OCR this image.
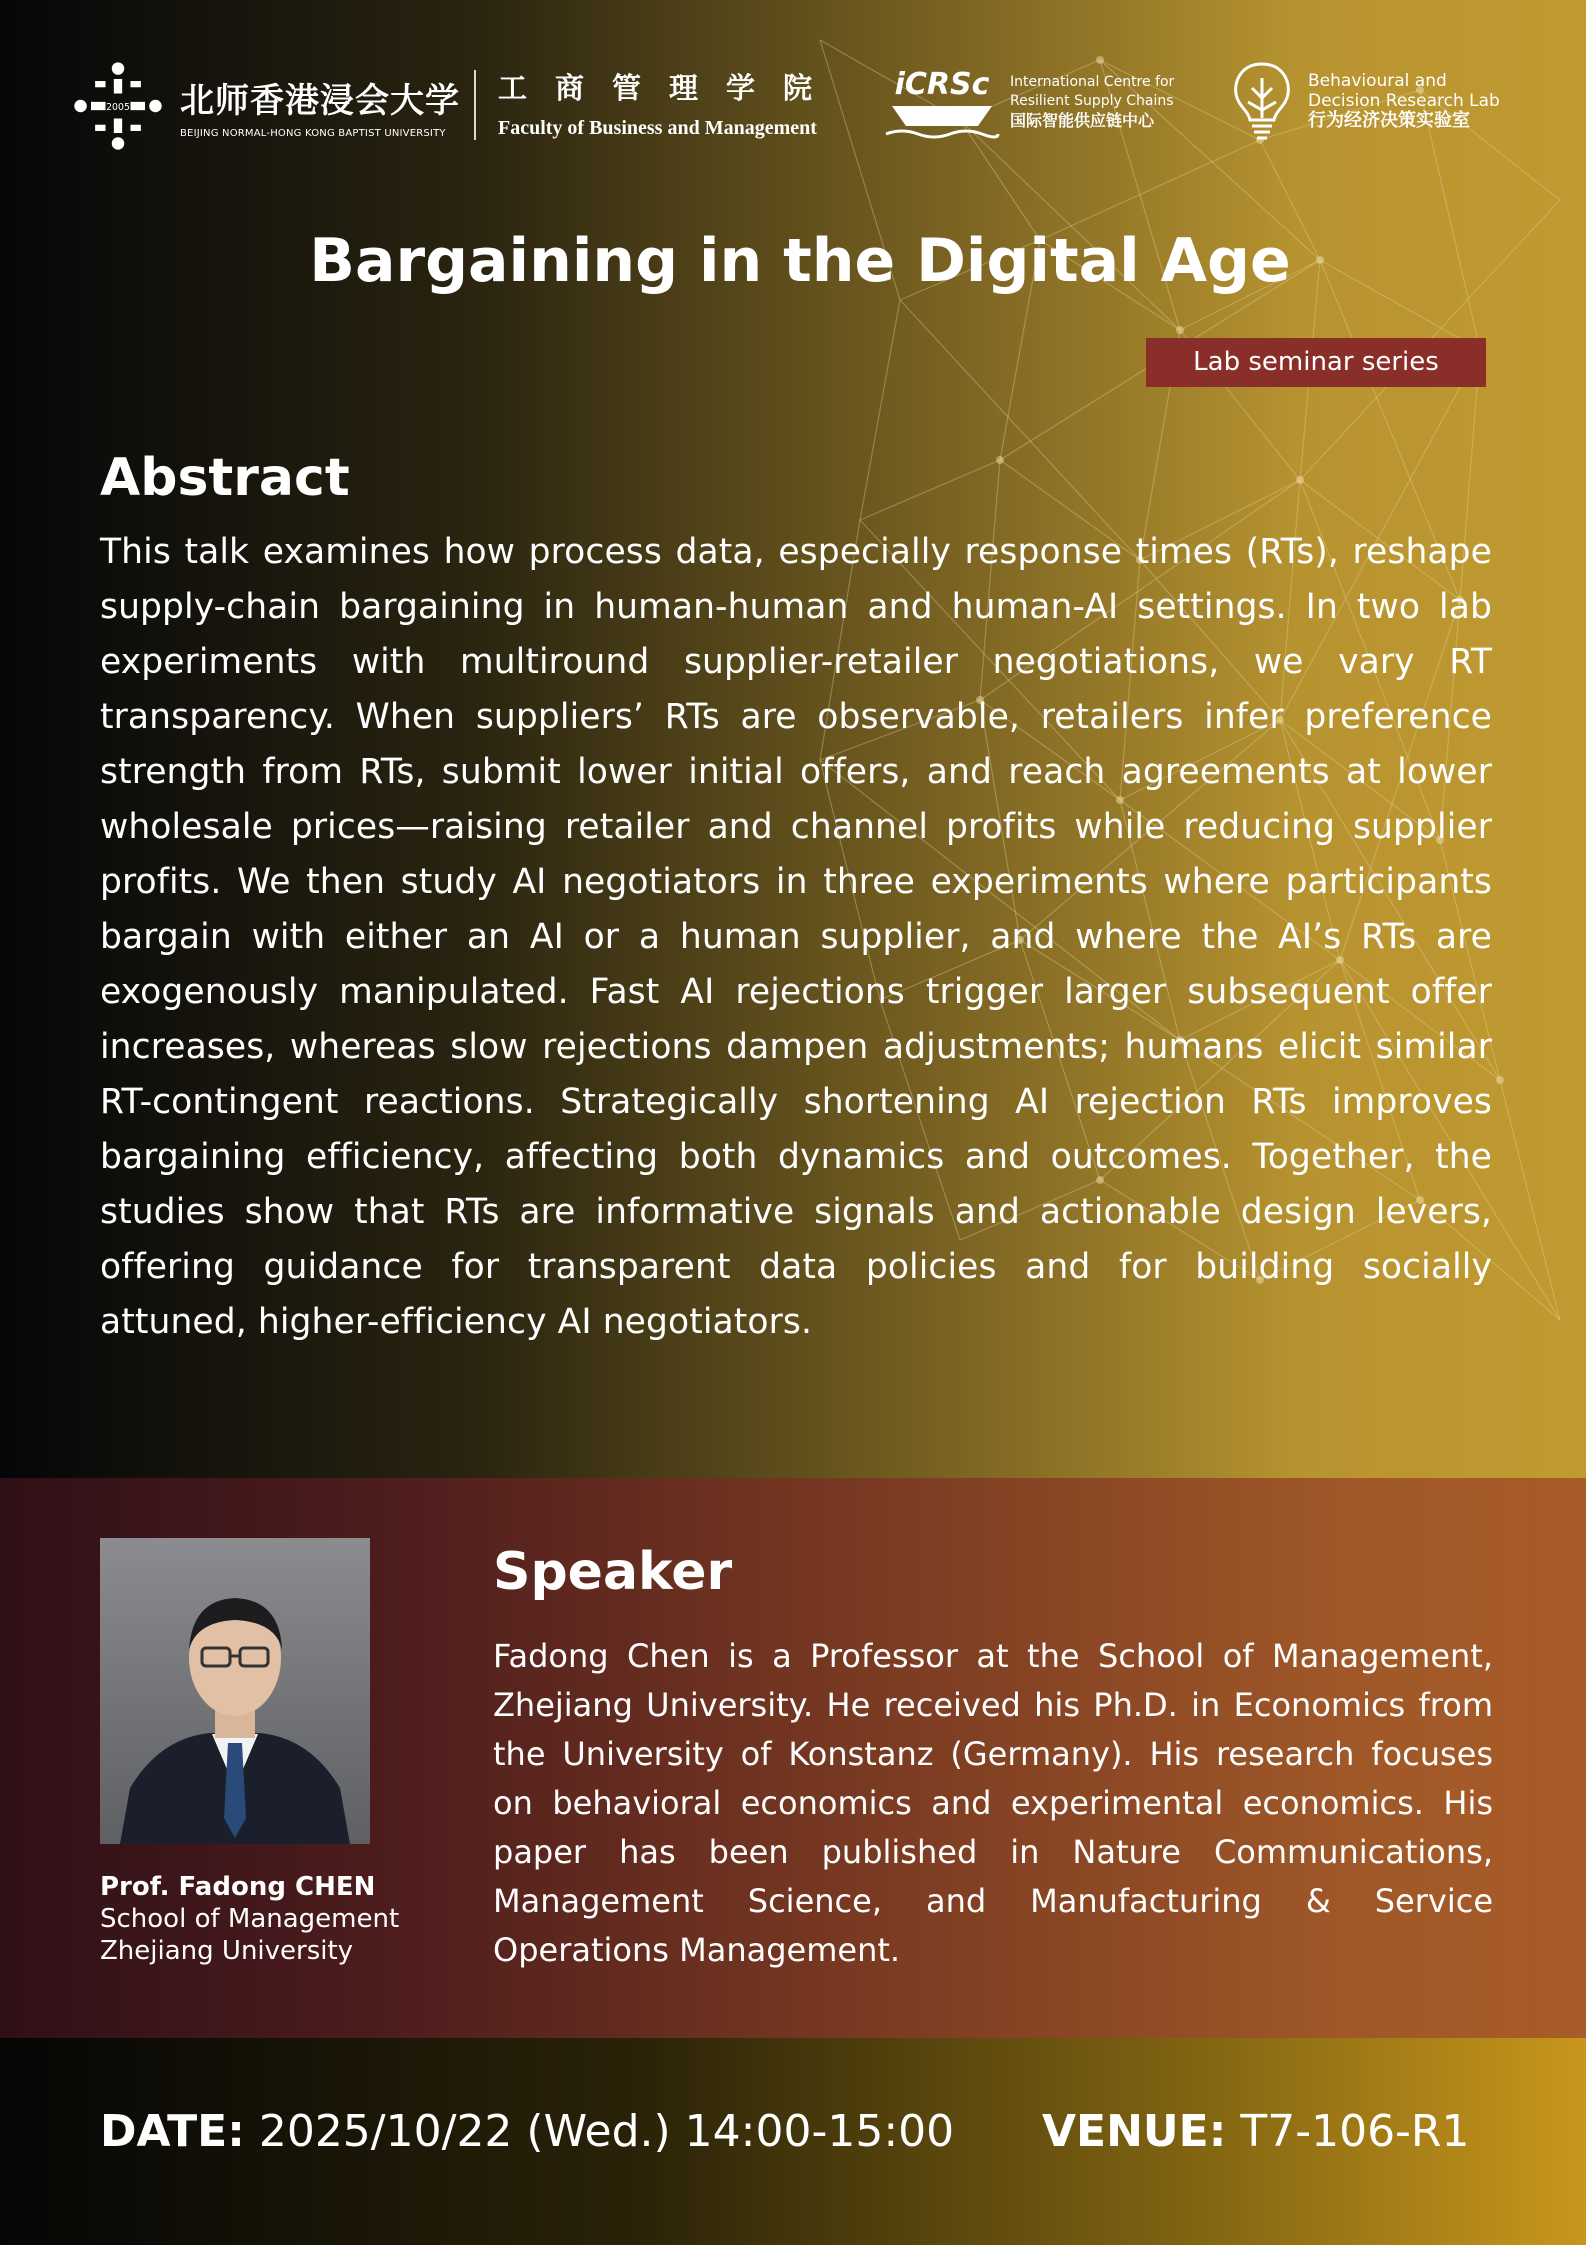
2005 北师香港浸会大学
BEIJING NORMAL-HONG KONG BAPTIST UNIVERSITY
工商管理学院
Faculty of Business and Management
iCRSc International Centre for
Resilient Supply Chains
国际智能供应链中心
Behavioural and
Decision Research Lab
行为经济决策实验室
Bargaining in the Digital Age
Lab seminar series
Abstract
This talk examines how process data, especially response times (RTs), reshape supply-chain bargaining in human-human and human-AI settings. In two lab experiments with multiround supplier-retailer negotiations, we vary RT transparency. When suppliers’ RTs are observable, retailers infer preference strength from RTs, submit lower initial offers, and reach agreements at lower wholesale prices—raising retailer and channel profits while reducing supplier profits. We then study AI negotiators in three experiments where participants bargain with either an AI or a human supplier, and where the AI’s RTs are exogenously manipulated. Fast AI rejections trigger larger subsequent offer increases, whereas slow rejections dampen adjustments; humans elicit similar RT-contingent reactions. Strategically shortening AI rejection RTs improves bargaining efficiency, affecting both dynamics and outcomes. Together, the studies show that RTs are informative signals and actionable design levers, offering guidance for transparent data policies and for building socially attuned, higher-efficiency AI negotiators.
Prof. Fadong CHEN
School of Management
Zhejiang University
Speaker
Fadong Chen is a Professor at the School of Management, Zhejiang University. He received his Ph.D. in Economics from the University of Konstanz (Germany). His research focuses on behavioral economics and experimental economics. His paper has been published in Nature Communications, Management Science, and Manufacturing & Service Operations Management.
DATE: 2025/10/22 (Wed.) 14:00-15:00 VENUE: T7-106-R1
